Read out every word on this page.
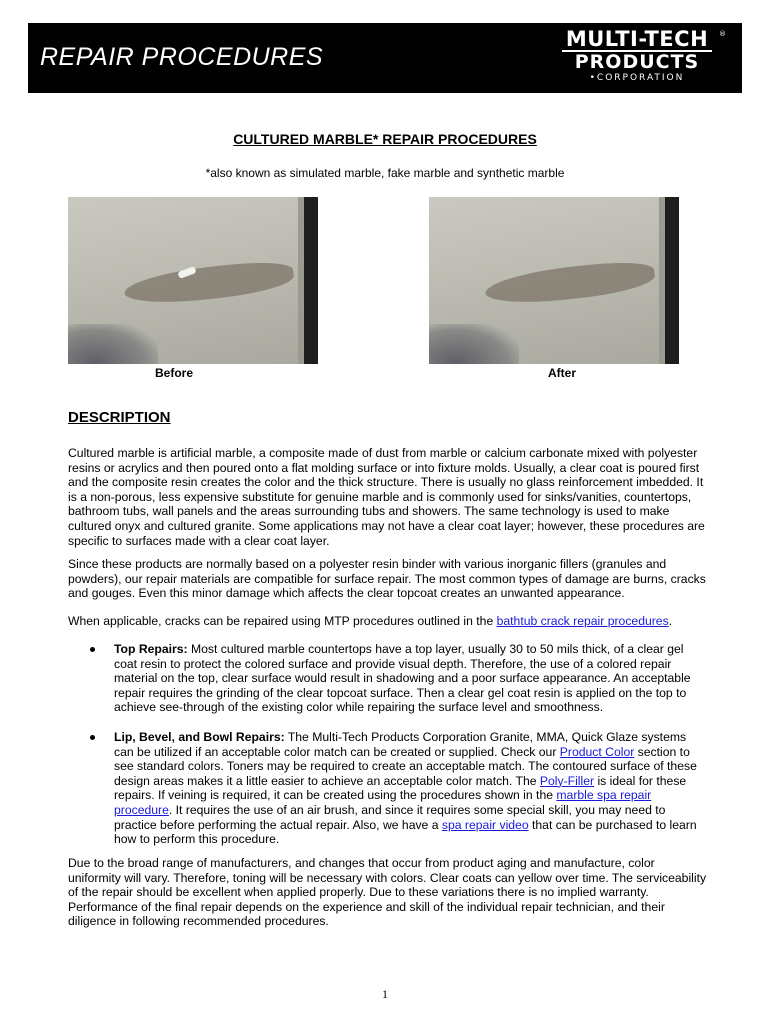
REPAIR PROCEDURES
MULTI-TECH ®
PRODUCTS
•CORPORATION
CULTURED MARBLE* REPAIR PROCEDURES
*also known as simulated marble, fake marble and synthetic marble
Before	After
DESCRIPTION

Cultured marble is artificial marble, a composite made of dust from marble or calcium carbonate mixed with polyester resins or acrylics and then poured onto a flat molding surface or into fixture molds. Usually, a clear coat is poured first and the composite resin creates the color and the thick structure. There is usually no glass reinforcement imbedded. It is a non-porous, less expensive substitute for genuine marble and is commonly used for sinks/vanities, countertops, bathroom tubs, wall panels and the areas surrounding tubs and showers. The same technology is used to make cultured onyx and cultured granite. Some applications may not have a clear coat layer; however, these procedures are specific to surfaces made with a clear coat layer.

Since these products are normally based on a polyester resin binder with various inorganic fillers (granules and powders), our repair materials are compatible for surface repair. The most common types of damage are burns, cracks and gouges. Even this minor damage which affects the clear topcoat creates an unwanted appearance.

When applicable, cracks can be repaired using MTP procedures outlined in the bathtub crack repair procedures.

Top Repairs: Most cultured marble countertops have a top layer, usually 30 to 50 mils thick, of a clear gel coat resin to protect the colored surface and provide visual depth. Therefore, the use of a colored repair material on the top, clear surface would result in shadowing and a poor surface appearance. An acceptable repair requires the grinding of the clear topcoat surface. Then a clear gel coat resin is applied on the top to achieve see-through of the existing color while repairing the surface level and smoothness.
Lip, Bevel, and Bowl Repairs: The Multi-Tech Products Corporation Granite, MMA, Quick Glaze systems can be utilized if an acceptable color match can be created or supplied. Check our Product Color section to see standard colors. Toners may be required to create an acceptable match. The contoured surface of these design areas makes it a little easier to achieve an acceptable color match. The Poly-Filler is ideal for these repairs. If veining is required, it can be created using the procedures shown in the marble spa repair procedure. It requires the use of an air brush, and since it requires some special skill, you may need to practice before performing the actual repair. Also, we have a spa repair video that can be purchased to learn how to perform this procedure.

Due to the broad range of manufacturers, and changes that occur from product aging and manufacture, color uniformity will vary. Therefore, toning will be necessary with colors. Clear coats can yellow over time. The serviceability of the repair should be excellent when applied properly. Due to these variations there is no implied warranty. Performance of the final repair depends on the experience and skill of the individual repair technician, and their diligence in following recommended procedures.

1
